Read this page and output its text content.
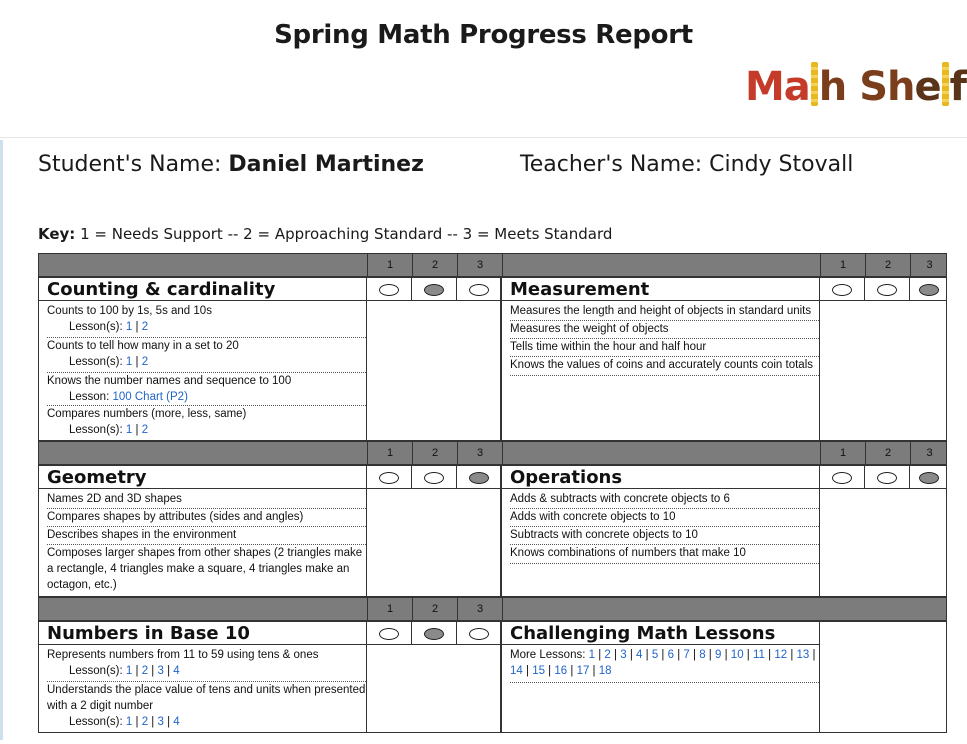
Spring Math Progress Report
Ma h She f
Student's Name: Daniel Martinez	Teacher's Name: Cindy Stovall
Key: 1 = Needs Support -- 2 = Approaching Standard -- 3 = Meets Standard
1	2	3	1	2	3
Counting & cardinality	Measurement
Counts to 100 by 1s, 5s and 10s
Lesson(s): 1 | 2
Counts to tell how many in a set to 20
Lesson(s): 1 | 2
Knows the number names and sequence to 100
Lesson: 100 Chart (P2)
Compares numbers (more, less, same)
Lesson(s): 1 | 2
Measures the length and height of objects in standard units
Measures the weight of objects
Tells time within the hour and half hour
Knows the values of coins and accurately counts coin totals
1	2	3	1	2	3
Geometry	Operations
Names 2D and 3D shapes
Compares shapes by attributes (sides and angles)
Describes shapes in the environment
Composes larger shapes from other shapes (2 triangles make a rectangle, 4 triangles make a square, 4 triangles make an octagon, etc.)
Adds & subtracts with concrete objects to 6
Adds with concrete objects to 10
Subtracts with concrete objects to 10
Knows combinations of numbers that make 10
1	2	3
Numbers in Base 10	Challenging Math Lessons
Represents numbers from 11 to 59 using tens & ones
Lesson(s): 1 | 2 | 3 | 4
Understands the place value of tens and units when presented with a 2 digit number
Lesson(s): 1 | 2 | 3 | 4
More Lessons: 1 | 2 | 3 | 4 | 5 | 6 | 7 | 8 | 9 | 10 | 11 | 12 | 13 | 14 | 15 | 16 | 17 | 18
